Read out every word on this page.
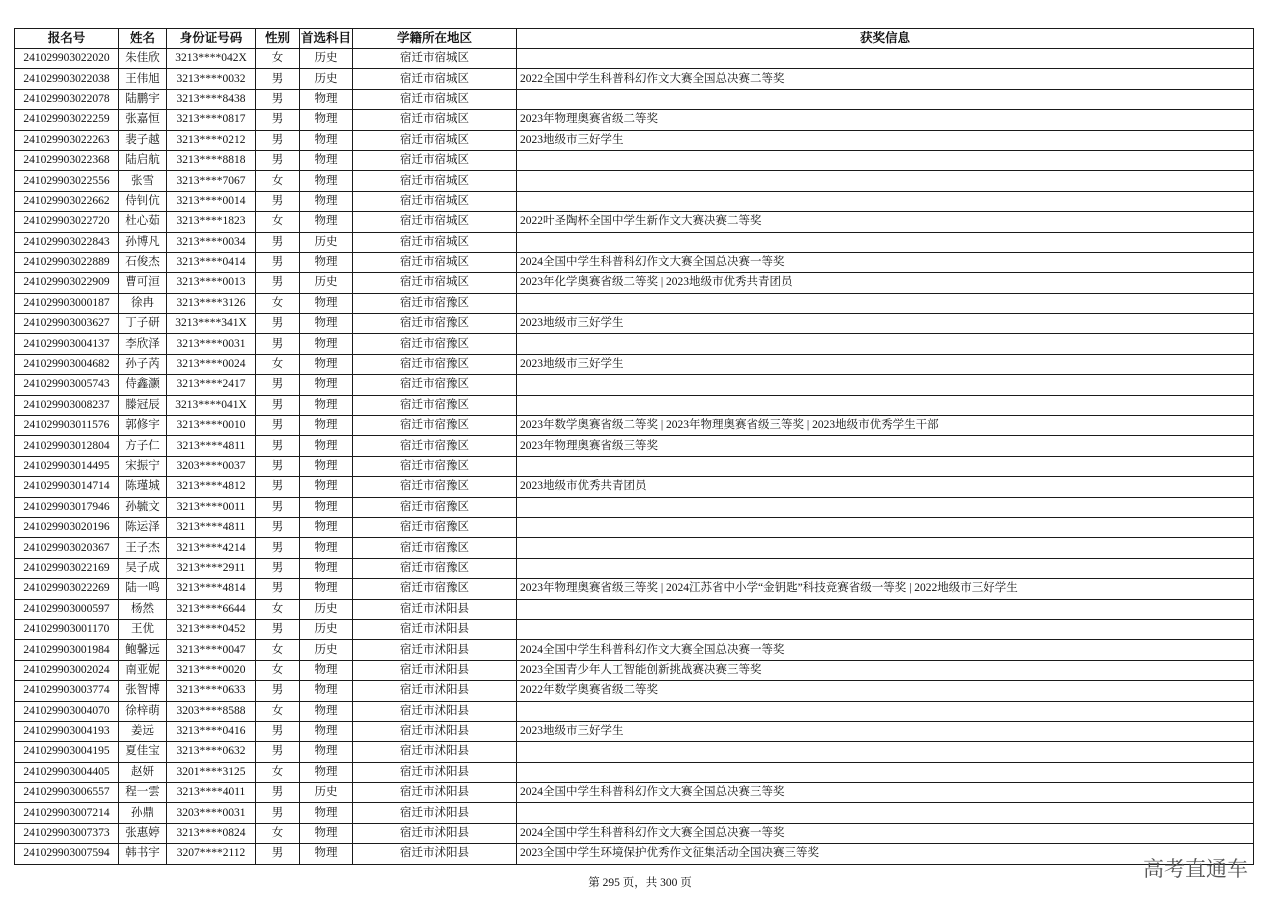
报名号	姓名	身份证号码	性别	首选科目	学籍所在地区	获奖信息
241029903022020	朱佳欣	3213****042X	女	历史	宿迁市宿城区	
241029903022038	王伟旭	3213****0032	男	历史	宿迁市宿城区	2022全国中学生科普科幻作文大赛全国总决赛二等奖
241029903022078	陆鹏宇	3213****8438	男	物理	宿迁市宿城区	
241029903022259	张嘉恒	3213****0817	男	物理	宿迁市宿城区	2023年物理奥赛省级二等奖
241029903022263	裴子越	3213****0212	男	物理	宿迁市宿城区	2023地级市三好学生
241029903022368	陆启航	3213****8818	男	物理	宿迁市宿城区	
241029903022556	张雪	3213****7067	女	物理	宿迁市宿城区	
241029903022662	侍钊伉	3213****0014	男	物理	宿迁市宿城区	
241029903022720	杜心茹	3213****1823	女	物理	宿迁市宿城区	2022叶圣陶杯全国中学生新作文大赛决赛二等奖
241029903022843	孙博凡	3213****0034	男	历史	宿迁市宿城区	
241029903022889	石俊杰	3213****0414	男	物理	宿迁市宿城区	2024全国中学生科普科幻作文大赛全国总决赛一等奖
241029903022909	曹可洹	3213****0013	男	历史	宿迁市宿城区	2023年化学奥赛省级二等奖 | 2023地级市优秀共青团员
241029903000187	徐冉	3213****3126	女	物理	宿迁市宿豫区	
241029903003627	丁子研	3213****341X	男	物理	宿迁市宿豫区	2023地级市三好学生
241029903004137	李欣泽	3213****0031	男	物理	宿迁市宿豫区	
241029903004682	孙子芮	3213****0024	女	物理	宿迁市宿豫区	2023地级市三好学生
241029903005743	侍鑫灏	3213****2417	男	物理	宿迁市宿豫区	
241029903008237	滕冠辰	3213****041X	男	物理	宿迁市宿豫区	
241029903011576	郭修宇	3213****0010	男	物理	宿迁市宿豫区	2023年数学奥赛省级二等奖 | 2023年物理奥赛省级三等奖 | 2023地级市优秀学生干部
241029903012804	方子仁	3213****4811	男	物理	宿迁市宿豫区	2023年物理奥赛省级三等奖
241029903014495	宋振宁	3203****0037	男	物理	宿迁市宿豫区	
241029903014714	陈瑾城	3213****4812	男	物理	宿迁市宿豫区	2023地级市优秀共青团员
241029903017946	孙毓文	3213****0011	男	物理	宿迁市宿豫区	
241029903020196	陈运泽	3213****4811	男	物理	宿迁市宿豫区	
241029903020367	王子杰	3213****4214	男	物理	宿迁市宿豫区	
241029903022169	吴子成	3213****2911	男	物理	宿迁市宿豫区	
241029903022269	陆一鸣	3213****4814	男	物理	宿迁市宿豫区	2023年物理奥赛省级三等奖 | 2024江苏省中小学“金钥匙”科技竞赛省级一等奖 | 2022地级市三好学生
241029903000597	杨然	3213****6644	女	历史	宿迁市沭阳县	
241029903001170	王优	3213****0452	男	历史	宿迁市沭阳县	
241029903001984	鲍馨远	3213****0047	女	历史	宿迁市沭阳县	2024全国中学生科普科幻作文大赛全国总决赛一等奖
241029903002024	南亚妮	3213****0020	女	物理	宿迁市沭阳县	2023全国青少年人工智能创新挑战赛决赛三等奖
241029903003774	张智博	3213****0633	男	物理	宿迁市沭阳县	2022年数学奥赛省级二等奖
241029903004070	徐梓萌	3203****8588	女	物理	宿迁市沭阳县	
241029903004193	姜远	3213****0416	男	物理	宿迁市沭阳县	2023地级市三好学生
241029903004195	夏佳宝	3213****0632	男	物理	宿迁市沭阳县	
241029903004405	赵妍	3201****3125	女	物理	宿迁市沭阳县	
241029903006557	程一雲	3213****4011	男	历史	宿迁市沭阳县	2024全国中学生科普科幻作文大赛全国总决赛三等奖
241029903007214	孙鼎	3203****0031	男	物理	宿迁市沭阳县	
241029903007373	张惠婷	3213****0824	女	物理	宿迁市沭阳县	2024全国中学生科普科幻作文大赛全国总决赛一等奖
241029903007594	韩书宇	3207****2112	男	物理	宿迁市沭阳县	2023全国中学生环境保护优秀作文征集活动全国决赛三等奖
第 295 页，共 300 页
高考直通车
